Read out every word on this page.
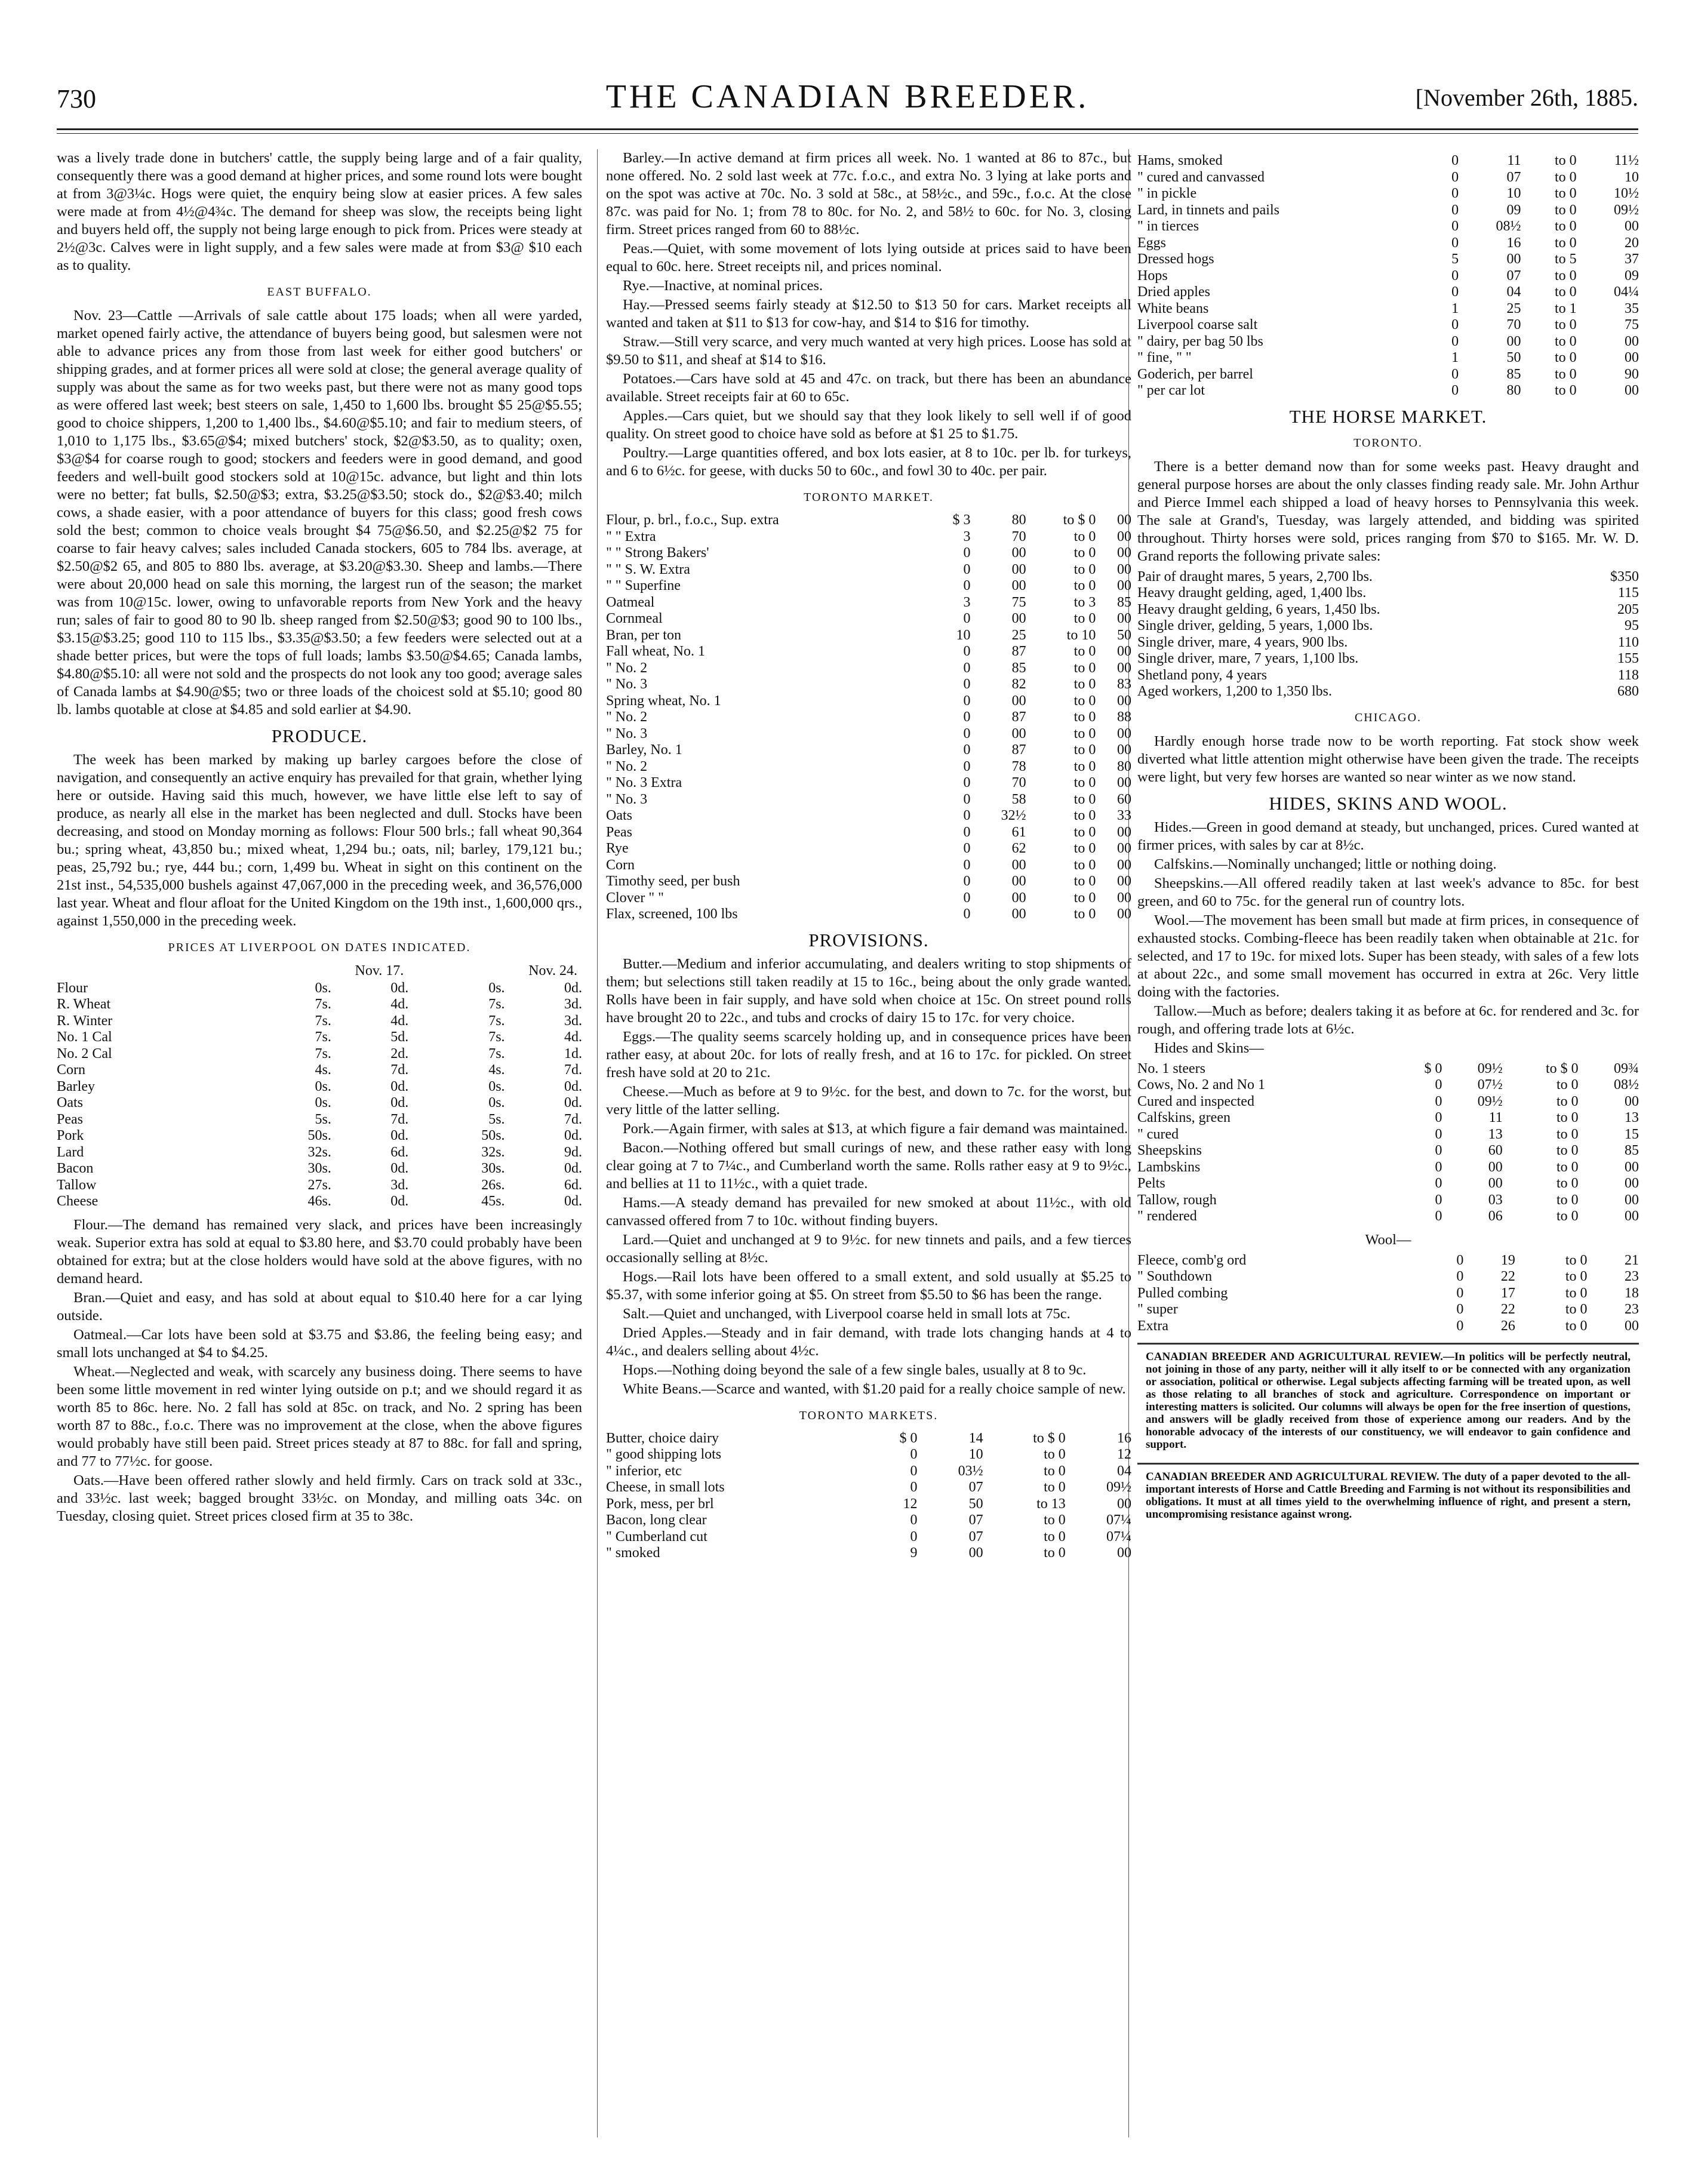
730	THE CANADIAN BREEDER.	[November 26th, 1885.

was a lively trade done in butchers' cattle, the supply being large and of a fair quality, consequently there was a good demand at higher prices, and some round lots were bought at from 3@3¼c. Hogs were quiet, the enquiry being slow at easier prices. A few sales were made at from 4½@4¾c. The demand for sheep was slow, the receipts being light and buyers held off, the supply not being large enough to pick from. Prices were steady at 2½@3c. Calves were in light supply, and a few sales were made at from $3@ $10 each as to quality.

EAST BUFFALO.

Nov. 23—Cattle —Arrivals of sale cattle about 175 loads; when all were yarded, market opened fairly active, the attendance of buyers being good, but salesmen were not able to advance prices any from those from last week for either good butchers' or shipping grades, and at former prices all were sold at close; the general average quality of supply was about the same as for two weeks past, but there were not as many good tops as were offered last week; best steers on sale, 1,450 to 1,600 lbs. brought $5 25@$5.55; good to choice shippers, 1,200 to 1,400 lbs., $4.60@$5.10; and fair to medium steers, of 1,010 to 1,175 lbs., $3.65@$4; mixed butchers' stock, $2@$3.50, as to quality; oxen, $3@$4 for coarse rough to good; stockers and feeders were in good demand, and good feeders and well-built good stockers sold at 10@15c. advance, but light and thin lots were no better; fat bulls, $2.50@$3; extra, $3.25@$3.50; stock do., $2@$3.40; milch cows, a shade easier, with a poor attendance of buyers for this class; good fresh cows sold the best; common to choice veals brought $4 75@$6.50, and $2.25@$2 75 for coarse to fair heavy calves; sales included Canada stockers, 605 to 784 lbs. average, at $2.50@$2 65, and 805 to 880 lbs. average, at $3.20@$3.30. Sheep and lambs.—There were about 20,000 head on sale this morning, the largest run of the season; the market was from 10@15c. lower, owing to unfavorable reports from New York and the heavy run; sales of fair to good 80 to 90 lb. sheep ranged from $2.50@$3; good 90 to 100 lbs., $3.15@$3.25; good 110 to 115 lbs., $3.35@$3.50; a few feeders were selected out at a shade better prices, but were the tops of full loads; lambs $3.50@$4.65; Canada lambs, $4.80@$5.10: all were not sold and the prospects do not look any too good; average sales of Canada lambs at $4.90@$5; two or three loads of the choicest sold at $5.10; good 80 lb. lambs quotable at close at $4.85 and sold earlier at $4.90.

PRODUCE.

The week has been marked by making up barley cargoes before the close of navigation, and consequently an active enquiry has prevailed for that grain, whether lying here or outside. Having said this much, however, we have little else left to say of produce, as nearly all else in the market has been neglected and dull. Stocks have been decreasing, and stood on Monday morning as follows: Flour 500 brls.; fall wheat 90,364 bu.; spring wheat, 43,850 bu.; mixed wheat, 1,294 bu.; oats, nil; barley, 179,121 bu.; peas, 25,792 bu.; rye, 444 bu.; corn, 1,499 bu. Wheat in sight on this continent on the 21st inst., 54,535,000 bushels against 47,067,000 in the preceding week, and 36,576,000 last year. Wheat and flour afloat for the United Kingdom on the 19th inst., 1,600,000 qrs., against 1,550,000 in the preceding week.

PRICES AT LIVERPOOL ON DATES INDICATED.
	Nov. 17.		Nov. 24.	
Flour	0s.	0d.	0s.	0d.
R. Wheat	7s.	4d.	7s.	3d.
R. Winter	7s.	4d.	7s.	3d.
No. 1 Cal	7s.	5d.	7s.	4d.
No. 2 Cal	7s.	2d.	7s.	1d.
Corn	4s.	7d.	4s.	7d.
Barley	0s.	0d.	0s.	0d.
Oats	0s.	0d.	0s.	0d.
Peas	5s.	7d.	5s.	7d.
Pork	50s.	0d.	50s.	0d.
Lard	32s.	6d.	32s.	9d.
Bacon	30s.	0d.	30s.	0d.
Tallow	27s.	3d.	26s.	6d.
Cheese	46s.	0d.	45s.	0d.

Flour.—The demand has remained very slack, and prices have been increasingly weak. Superior extra has sold at equal to $3.80 here, and $3.70 could probably have been obtained for extra; but at the close holders would have sold at the above figures, with no demand heard.

Bran.—Quiet and easy, and has sold at about equal to $10.40 here for a car lying outside.

Oatmeal.—Car lots have been sold at $3.75 and $3.86, the feeling being easy; and small lots unchanged at $4 to $4.25.

Wheat.—Neglected and weak, with scarcely any business doing. There seems to have been some little movement in red winter lying outside on p.t; and we should regard it as worth 85 to 86c. here. No. 2 fall has sold at 85c. on track, and No. 2 spring has been worth 87 to 88c., f.o.c. There was no improvement at the close, when the above figures would probably have still been paid. Street prices steady at 87 to 88c. for fall and spring, and 77 to 77½c. for goose.

Oats.—Have been offered rather slowly and held firmly. Cars on track sold at 33c., and 33½c. last week; bagged brought 33½c. on Monday, and milling oats 34c. on Tuesday, closing quiet. Street prices closed firm at 35 to 38c.

Barley.—In active demand at firm prices all week. No. 1 wanted at 86 to 87c., but none offered. No. 2 sold last week at 77c. f.o.c., and extra No. 3 lying at lake ports and on the spot was active at 70c. No. 3 sold at 58c., at 58½c., and 59c., f.o.c. At the close 87c. was paid for No. 1; from 78 to 80c. for No. 2, and 58½ to 60c. for No. 3, closing firm. Street prices ranged from 60 to 88½c.

Peas.—Quiet, with some movement of lots lying outside at prices said to have been equal to 60c. here. Street receipts nil, and prices nominal.

Rye.—Inactive, at nominal prices.

Hay.—Pressed seems fairly steady at $12.50 to $13 50 for cars. Market receipts all wanted and taken at $11 to $13 for cow-hay, and $14 to $16 for timothy.

Straw.—Still very scarce, and very much wanted at very high prices. Loose has sold at $9.50 to $11, and sheaf at $14 to $16.

Potatoes.—Cars have sold at 45 and 47c. on track, but there has been an abundance available. Street receipts fair at 60 to 65c.

Apples.—Cars quiet, but we should say that they look likely to sell well if of good quality. On street good to choice have sold as before at $1 25 to $1.75.

Poultry.—Large quantities offered, and box lots easier, at 8 to 10c. per lb. for turkeys, and 6 to 6½c. for geese, with ducks 50 to 60c., and fowl 30 to 40c. per pair.

TORONTO MARKET.
Flour, p. brl., f.o.c., Sup. extra	$ 3	80	to $ 0	00
" " Extra	3	70	to 0	00
" " Strong Bakers'	0	00	to 0	00
" " S. W. Extra	0	00	to 0	00
" " Superfine	0	00	to 0	00
Oatmeal	3	75	to 3	85
Cornmeal	0	00	to 0	00
Bran, per ton	10	25	to 10	50
Fall wheat, No. 1	0	87	to 0	00
" No. 2	0	85	to 0	00
" No. 3	0	82	to 0	83
Spring wheat, No. 1	0	00	to 0	00
" No. 2	0	87	to 0	88
" No. 3	0	00	to 0	00
Barley, No. 1	0	87	to 0	00
" No. 2	0	78	to 0	80
" No. 3 Extra	0	70	to 0	00
" No. 3	0	58	to 0	60
Oats	0	32½	to 0	33
Peas	0	61	to 0	00
Rye	0	62	to 0	00
Corn	0	00	to 0	00
Timothy seed, per bush	0	00	to 0	00
Clover " "	0	00	to 0	00
Flax, screened, 100 lbs	0	00	to 0	00
PROVISIONS.

Butter.—Medium and inferior accumulating, and dealers writing to stop shipments of them; but selections still taken readily at 15 to 16c., being about the only grade wanted. Rolls have been in fair supply, and have sold when choice at 15c. On street pound rolls have brought 20 to 22c., and tubs and crocks of dairy 15 to 17c. for very choice.

Eggs.—The quality seems scarcely holding up, and in consequence prices have been rather easy, at about 20c. for lots of really fresh, and at 16 to 17c. for pickled. On street fresh have sold at 20 to 21c.

Cheese.—Much as before at 9 to 9½c. for the best, and down to 7c. for the worst, but very little of the latter selling.

Pork.—Again firmer, with sales at $13, at which figure a fair demand was maintained.

Bacon.—Nothing offered but small curings of new, and these rather easy with long clear going at 7 to 7¼c., and Cumberland worth the same. Rolls rather easy at 9 to 9½c., and bellies at 11 to 11½c., with a quiet trade.

Hams.—A steady demand has prevailed for new smoked at about 11½c., with old canvassed offered from 7 to 10c. without finding buyers.

Lard.—Quiet and unchanged at 9 to 9½c. for new tinnets and pails, and a few tierces occasionally selling at 8½c.

Hogs.—Rail lots have been offered to a small extent, and sold usually at $5.25 to $5.37, with some inferior going at $5. On street from $5.50 to $6 has been the range.

Salt.—Quiet and unchanged, with Liverpool coarse held in small lots at 75c.

Dried Apples.—Steady and in fair demand, with trade lots changing hands at 4 to 4¼c., and dealers selling about 4½c.

Hops.—Nothing doing beyond the sale of a few single bales, usually at 8 to 9c.

White Beans.—Scarce and wanted, with $1.20 paid for a really choice sample of new.

TORONTO MARKETS.
Butter, choice dairy	$ 0	14	to $ 0	16
" good shipping lots	0	10	to 0	12
" inferior, etc	0	03½	to 0	04
Cheese, in small lots	0	07	to 0	09½
Pork, mess, per brl	12	50	to 13	00
Bacon, long clear	0	07	to 0	07¼
" Cumberland cut	0	07	to 0	07¼
" smoked	9	00	to 0	00
Hams, smoked	0	11	to 0	11½
" cured and canvassed	0	07	to 0	10
" in pickle	0	10	to 0	10½
Lard, in tinnets and pails	0	09	to 0	09½
" in tierces	0	08½	to 0	00
Eggs	0	16	to 0	20
Dressed hogs	5	00	to 5	37
Hops	0	07	to 0	09
Dried apples	0	04	to 0	04¼
White beans	1	25	to 1	35
Liverpool coarse salt	0	70	to 0	75
" dairy, per bag 50 lbs	0	00	to 0	00
" fine, " "	1	50	to 0	00
Goderich, per barrel	0	85	to 0	90
" per car lot	0	80	to 0	00
THE HORSE MARKET.
TORONTO.

There is a better demand now than for some weeks past. Heavy draught and general purpose horses are about the only classes finding ready sale. Mr. John Arthur and Pierce Immel each shipped a load of heavy horses to Pennsylvania this week. The sale at Grand's, Tuesday, was largely attended, and bidding was spirited throughout. Thirty horses were sold, prices ranging from $70 to $165. Mr. W. D. Grand reports the following private sales:

Pair of draught mares, 5 years, 2,700 lbs.	$350
Heavy draught gelding, aged, 1,400 lbs.	115
Heavy draught gelding, 6 years, 1,450 lbs.	205
Single driver, gelding, 5 years, 1,000 lbs.	95
Single driver, mare, 4 years, 900 lbs.	110
Single driver, mare, 7 years, 1,100 lbs.	155
Shetland pony, 4 years	118
Aged workers, 1,200 to 1,350 lbs.	680
CHICAGO.

Hardly enough horse trade now to be worth reporting. Fat stock show week diverted what little attention might otherwise have been given the trade. The receipts were light, but very few horses are wanted so near winter as we now stand.

HIDES, SKINS AND WOOL.

Hides.—Green in good demand at steady, but unchanged, prices. Cured wanted at firmer prices, with sales by car at 8½c.

Calfskins.—Nominally unchanged; little or nothing doing.

Sheepskins.—All offered readily taken at last week's advance to 85c. for best green, and 60 to 75c. for the general run of country lots.

Wool.—The movement has been small but made at firm prices, in consequence of exhausted stocks. Combing-fleece has been readily taken when obtainable at 21c. for selected, and 17 to 19c. for mixed lots. Super has been steady, with sales of a few lots at about 22c., and some small movement has occurred in extra at 26c. Very little doing with the factories.

Tallow.—Much as before; dealers taking it as before at 6c. for rendered and 3c. for rough, and offering trade lots at 6½c.

Hides and Skins—

No. 1 steers	$ 0	09½	to $ 0	09¾
Cows, No. 2 and No 1	0	07½	to 0	08½
Cured and inspected	0	09½	to 0	00
Calfskins, green	0	11	to 0	13
" cured	0	13	to 0	15
Sheepskins	0	60	to 0	85
Lambskins	0	00	to 0	00
Pelts	0	00	to 0	00
Tallow, rough	0	03	to 0	00
" rendered	0	06	to 0	00
Wool—
Fleece, comb'g ord	0	19	to 0	21
" Southdown	0	22	to 0	23
Pulled combing	0	17	to 0	18
" super	0	22	to 0	23
Extra	0	26	to 0	00
CANADIAN BREEDER AND AGRICULTURAL REVIEW.—In politics will be perfectly neutral, not joining in those of any party, neither will it ally itself to or be connected with any organization or association, political or otherwise. Legal subjects affecting farming will be treated upon, as well as those relating to all branches of stock and agriculture. Correspondence on important or interesting matters is solicited. Our columns will always be open for the free insertion of questions, and answers will be gladly received from those of experience among our readers. And by the honorable advocacy of the interests of our constituency, we will endeavor to gain confidence and support.
CANADIAN BREEDER AND AGRICULTURAL REVIEW. The duty of a paper devoted to the all-important interests of Horse and Cattle Breeding and Farming is not without its responsibilities and obligations. It must at all times yield to the overwhelming influence of right, and present a stern, uncompromising resistance against wrong.
